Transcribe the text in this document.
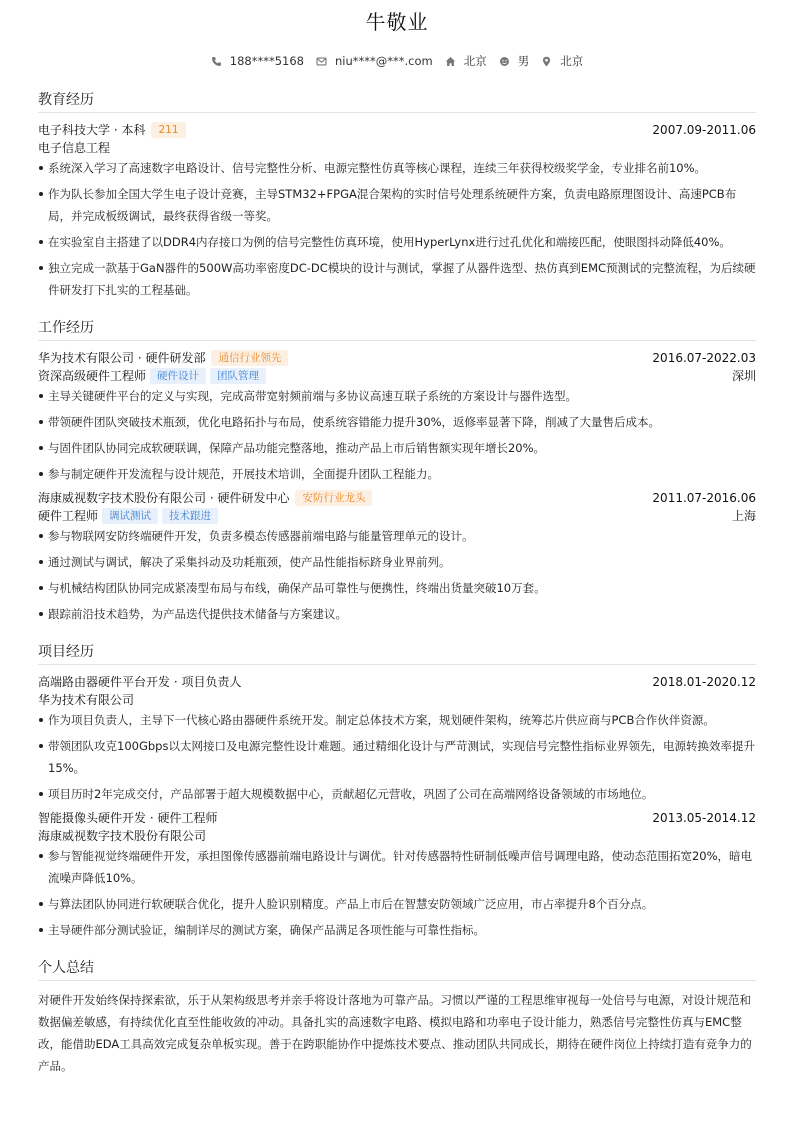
牛敬业
188****5168	niu****@***.com	北京	男	北京
教育经历
电子科技大学 · 本科	211	2007.09-2011.06
电子信息工程
系统深入学习了高速数字电路设计、信号完整性分析、电源完整性仿真等核心课程，连续三年获得校级奖学金，专业排名前10%。
作为队长参加全国大学生电子设计竞赛，主导STM32+FPGA混合架构的实时信号处理系统硬件方案，负责电路原理图设计、高速PCB布局，并完成板级调试，最终获得省级一等奖。
在实验室自主搭建了以DDR4内存接口为例的信号完整性仿真环境，使用HyperLynx进行过孔优化和端接匹配，使眼图抖动降低40%。
独立完成一款基于GaN器件的500W高功率密度DC-DC模块的设计与测试，掌握了从器件选型、热仿真到EMC预测试的完整流程，为后续硬件研发打下扎实的工程基础。
工作经历
华为技术有限公司 · 硬件研发部	通信行业领先	2016.07-2022.03
资深高级硬件工程师	硬件设计	团队管理	深圳
主导关键硬件平台的定义与实现，完成高带宽射频前端与多协议高速互联子系统的方案设计与器件选型。
带领硬件团队突破技术瓶颈，优化电路拓扑与布局，使系统容错能力提升30%，返修率显著下降，削减了大量售后成本。
与固件团队协同完成软硬联调，保障产品功能完整落地，推动产品上市后销售额实现年增长20%。
参与制定硬件开发流程与设计规范，开展技术培训，全面提升团队工程能力。
海康威视数字技术股份有限公司 · 硬件研发中心	安防行业龙头	2011.07-2016.06
硬件工程师	调试测试	技术跟进	上海
参与物联网安防终端硬件开发，负责多模态传感器前端电路与能量管理单元的设计。
通过测试与调试，解决了采集抖动及功耗瓶颈，使产品性能指标跻身业界前列。
与机械结构团队协同完成紧凑型布局与布线，确保产品可靠性与便携性，终端出货量突破10万套。
跟踪前沿技术趋势，为产品迭代提供技术储备与方案建议。
项目经历
高端路由器硬件平台开发 · 项目负责人	2018.01-2020.12
华为技术有限公司
作为项目负责人，主导下一代核心路由器硬件系统开发。制定总体技术方案，规划硬件架构，统筹芯片供应商与PCB合作伙伴资源。
带领团队攻克100Gbps以太网接口及电源完整性设计难题。通过精细化设计与严苛测试，实现信号完整性指标业界领先，电源转换效率提升15%。
项目历时2年完成交付，产品部署于超大规模数据中心，贡献超亿元营收，巩固了公司在高端网络设备领域的市场地位。
智能摄像头硬件开发 · 硬件工程师	2013.05-2014.12
海康威视数字技术股份有限公司
参与智能视觉终端硬件开发，承担图像传感器前端电路设计与调优。针对传感器特性研制低噪声信号调理电路，使动态范围拓宽20%，暗电流噪声降低10%。
与算法团队协同进行软硬联合优化，提升人脸识别精度。产品上市后在智慧安防领域广泛应用，市占率提升8个百分点。
主导硬件部分测试验证，编制详尽的测试方案，确保产品满足各项性能与可靠性指标。
个人总结
对硬件开发始终保持探索欲，乐于从架构级思考并亲手将设计落地为可靠产品。习惯以严谨的工程思维审视每一处信号与电源，对设计规范和数据偏差敏感，有持续优化直至性能收敛的冲动。具备扎实的高速数字电路、模拟电路和功率电子设计能力，熟悉信号完整性仿真与EMC整改，能借助EDA工具高效完成复杂单板实现。善于在跨职能协作中提炼技术要点、推动团队共同成长，期待在硬件岗位上持续打造有竞争力的产品。
